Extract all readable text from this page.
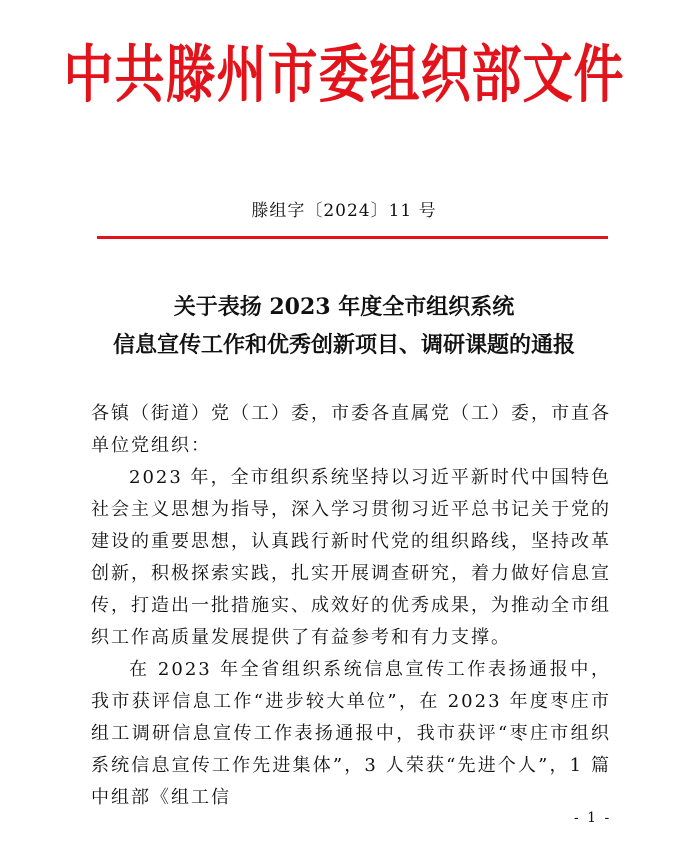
中共滕州市委组织部文件
滕组字〔2024〕11 号
关于表扬 2023 年度全市组织系统
信息宣传工作和优秀创新项目、调研课题的通报

各镇（街道）党（工）委，市委各直属党（工）委，市直各单位党组织：

2023 年，全市组织系统坚持以习近平新时代中国特色社会主义思想为指导，深入学习贯彻习近平总书记关于党的建设的重要思想，认真践行新时代党的组织路线，坚持改革创新，积极探索实践，扎实开展调查研究，着力做好信息宣传，打造出一批措施实、成效好的优秀成果，为推动全市组织工作高质量发展提供了有益参考和有力支撑。

在 2023 年全省组织系统信息宣传工作表扬通报中，我市获评信息工作“进步较大单位”，在 2023 年度枣庄市组工调研信息宣传工作表扬通报中，我市获评“枣庄市组织系统信息宣传工作先进集体”，3 人荣获“先进个人”，1 篇中组部《组工信

- 1 -
